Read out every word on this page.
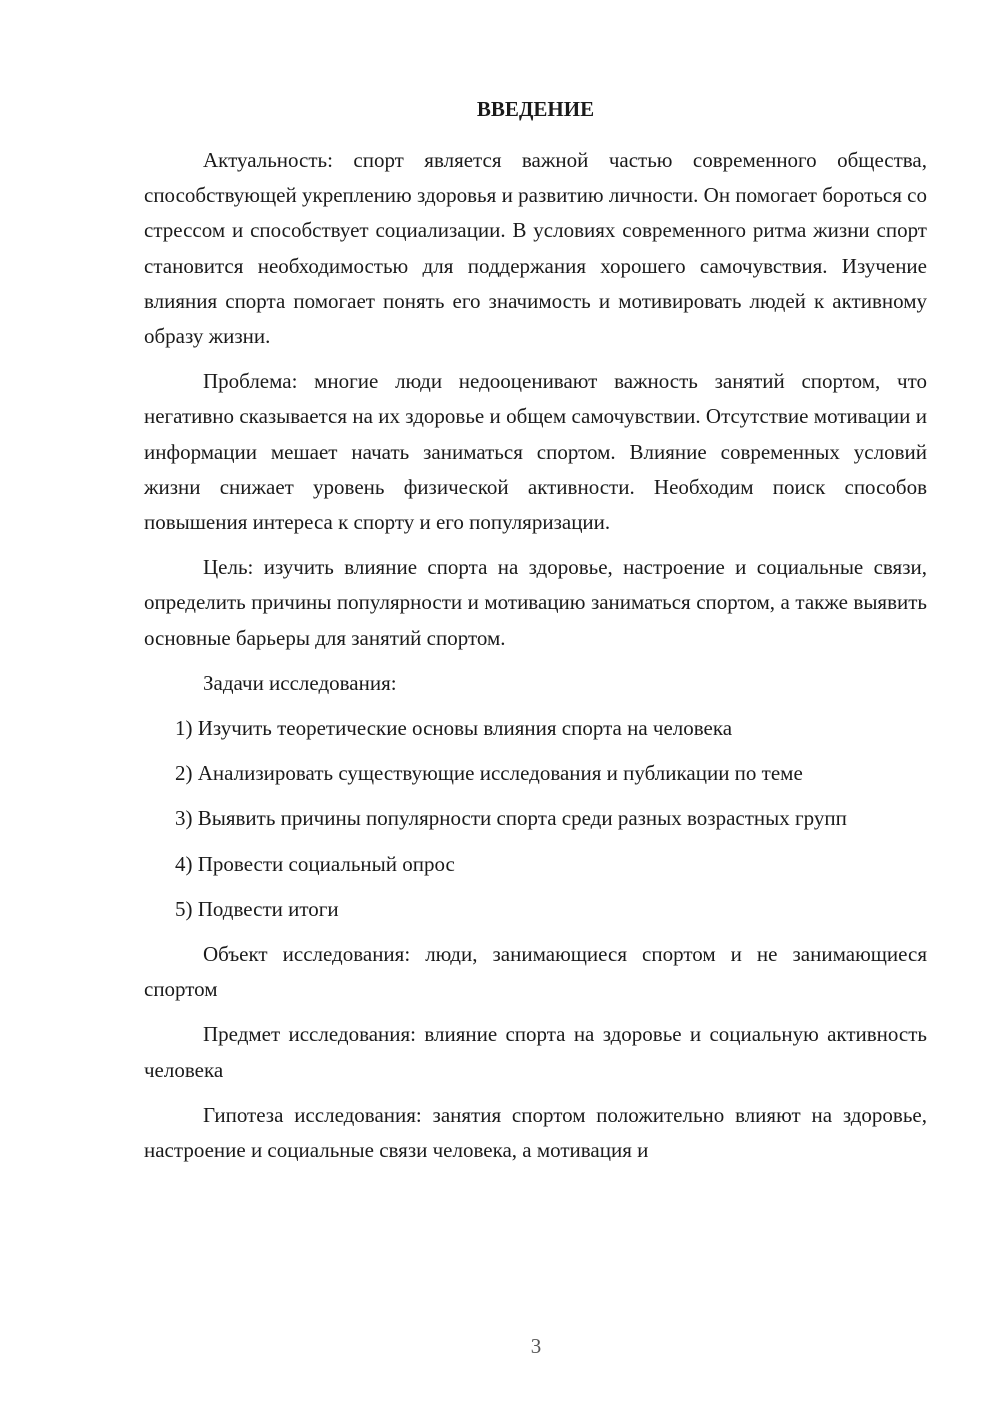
ВВЕДЕНИЕ

Актуальность: спорт является важной частью современного общества, способствующей укреплению здоровья и развитию личности. Он помогает бороться со стрессом и способствует социализации. В условиях современного ритма жизни спорт становится необходимостью для поддержания хорошего самочувствия. Изучение влияния спорта помогает понять его значимость и мотивировать людей к активному образу жизни.

Проблема: многие люди недооценивают важность занятий спортом, что негативно сказывается на их здоровье и общем самочувствии. Отсутствие мотивации и информации мешает начать заниматься спортом. Влияние современных условий жизни снижает уровень физической активности. Необходим поиск способов повышения интереса к спорту и его популяризации.

Цель: изучить влияние спорта на здоровье, настроение и социальные связи, определить причины популярности и мотивацию заниматься спортом, а также выявить основные барьеры для занятий спортом.

Задачи исследования:

1) Изучить теоретические основы влияния спорта на человека

2) Анализировать существующие исследования и публикации по теме

3) Выявить причины популярности спорта среди разных возрастных групп

4) Провести социальный опрос

5) Подвести итоги

Объект исследования: люди, занимающиеся спортом и не занимающиеся спортом

Предмет исследования: влияние спорта на здоровье и социальную активность человека

Гипотеза исследования: занятия спортом положительно влияют на здоровье, настроение и социальные связи человека, а мотивация и

3
